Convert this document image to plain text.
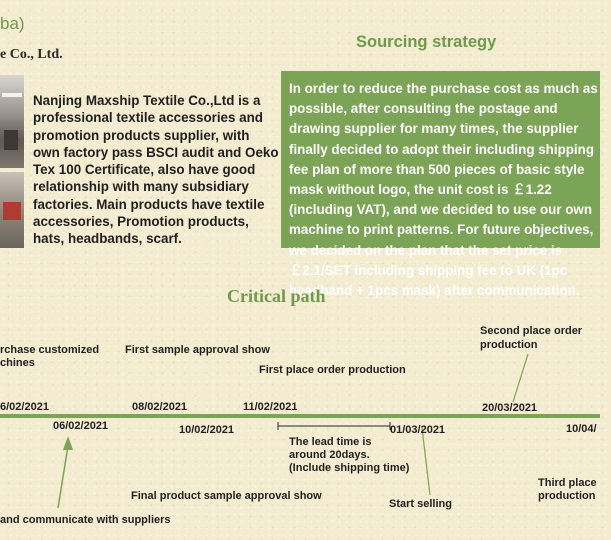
ba)
e Co., Ltd.
Nanjing Maxship Textile Co.,Ltd is a professional textile accessories and promotion products supplier, with own factory pass BSCI audit and Oeko Tex 100 Certificate, also have good relationship with many subsidiary factories. Main products have textile accessories, Promotion products, hats, headbands, scarf.
Sourcing strategy
In order to reduce the purchase cost as much as possible, after consulting the postage and drawing supplier for many times, the supplier finally decided to adopt their including shipping fee plan of more than 500 pieces of basic style mask without logo, the unit cost is ￡1.22 (including VAT), and we decided to use our own machine to print patterns. For future objectives, we decided on the plan that the set price is ￡2.1/SET including shipping fee to UK (1pc headband + 1pcs mask) after communication.
Critical path
rchase customized
chines
6/02/2021
First sample approval show
08/02/2021
First place order production
11/02/2021
Second place order
production
20/03/2021
06/02/2021
and communicate with suppliers
10/02/2021
Final product sample approval show
The lead time is
around 20days.
(Include shipping time)
01/03/2021
Start selling
10/04/
Third place
production
